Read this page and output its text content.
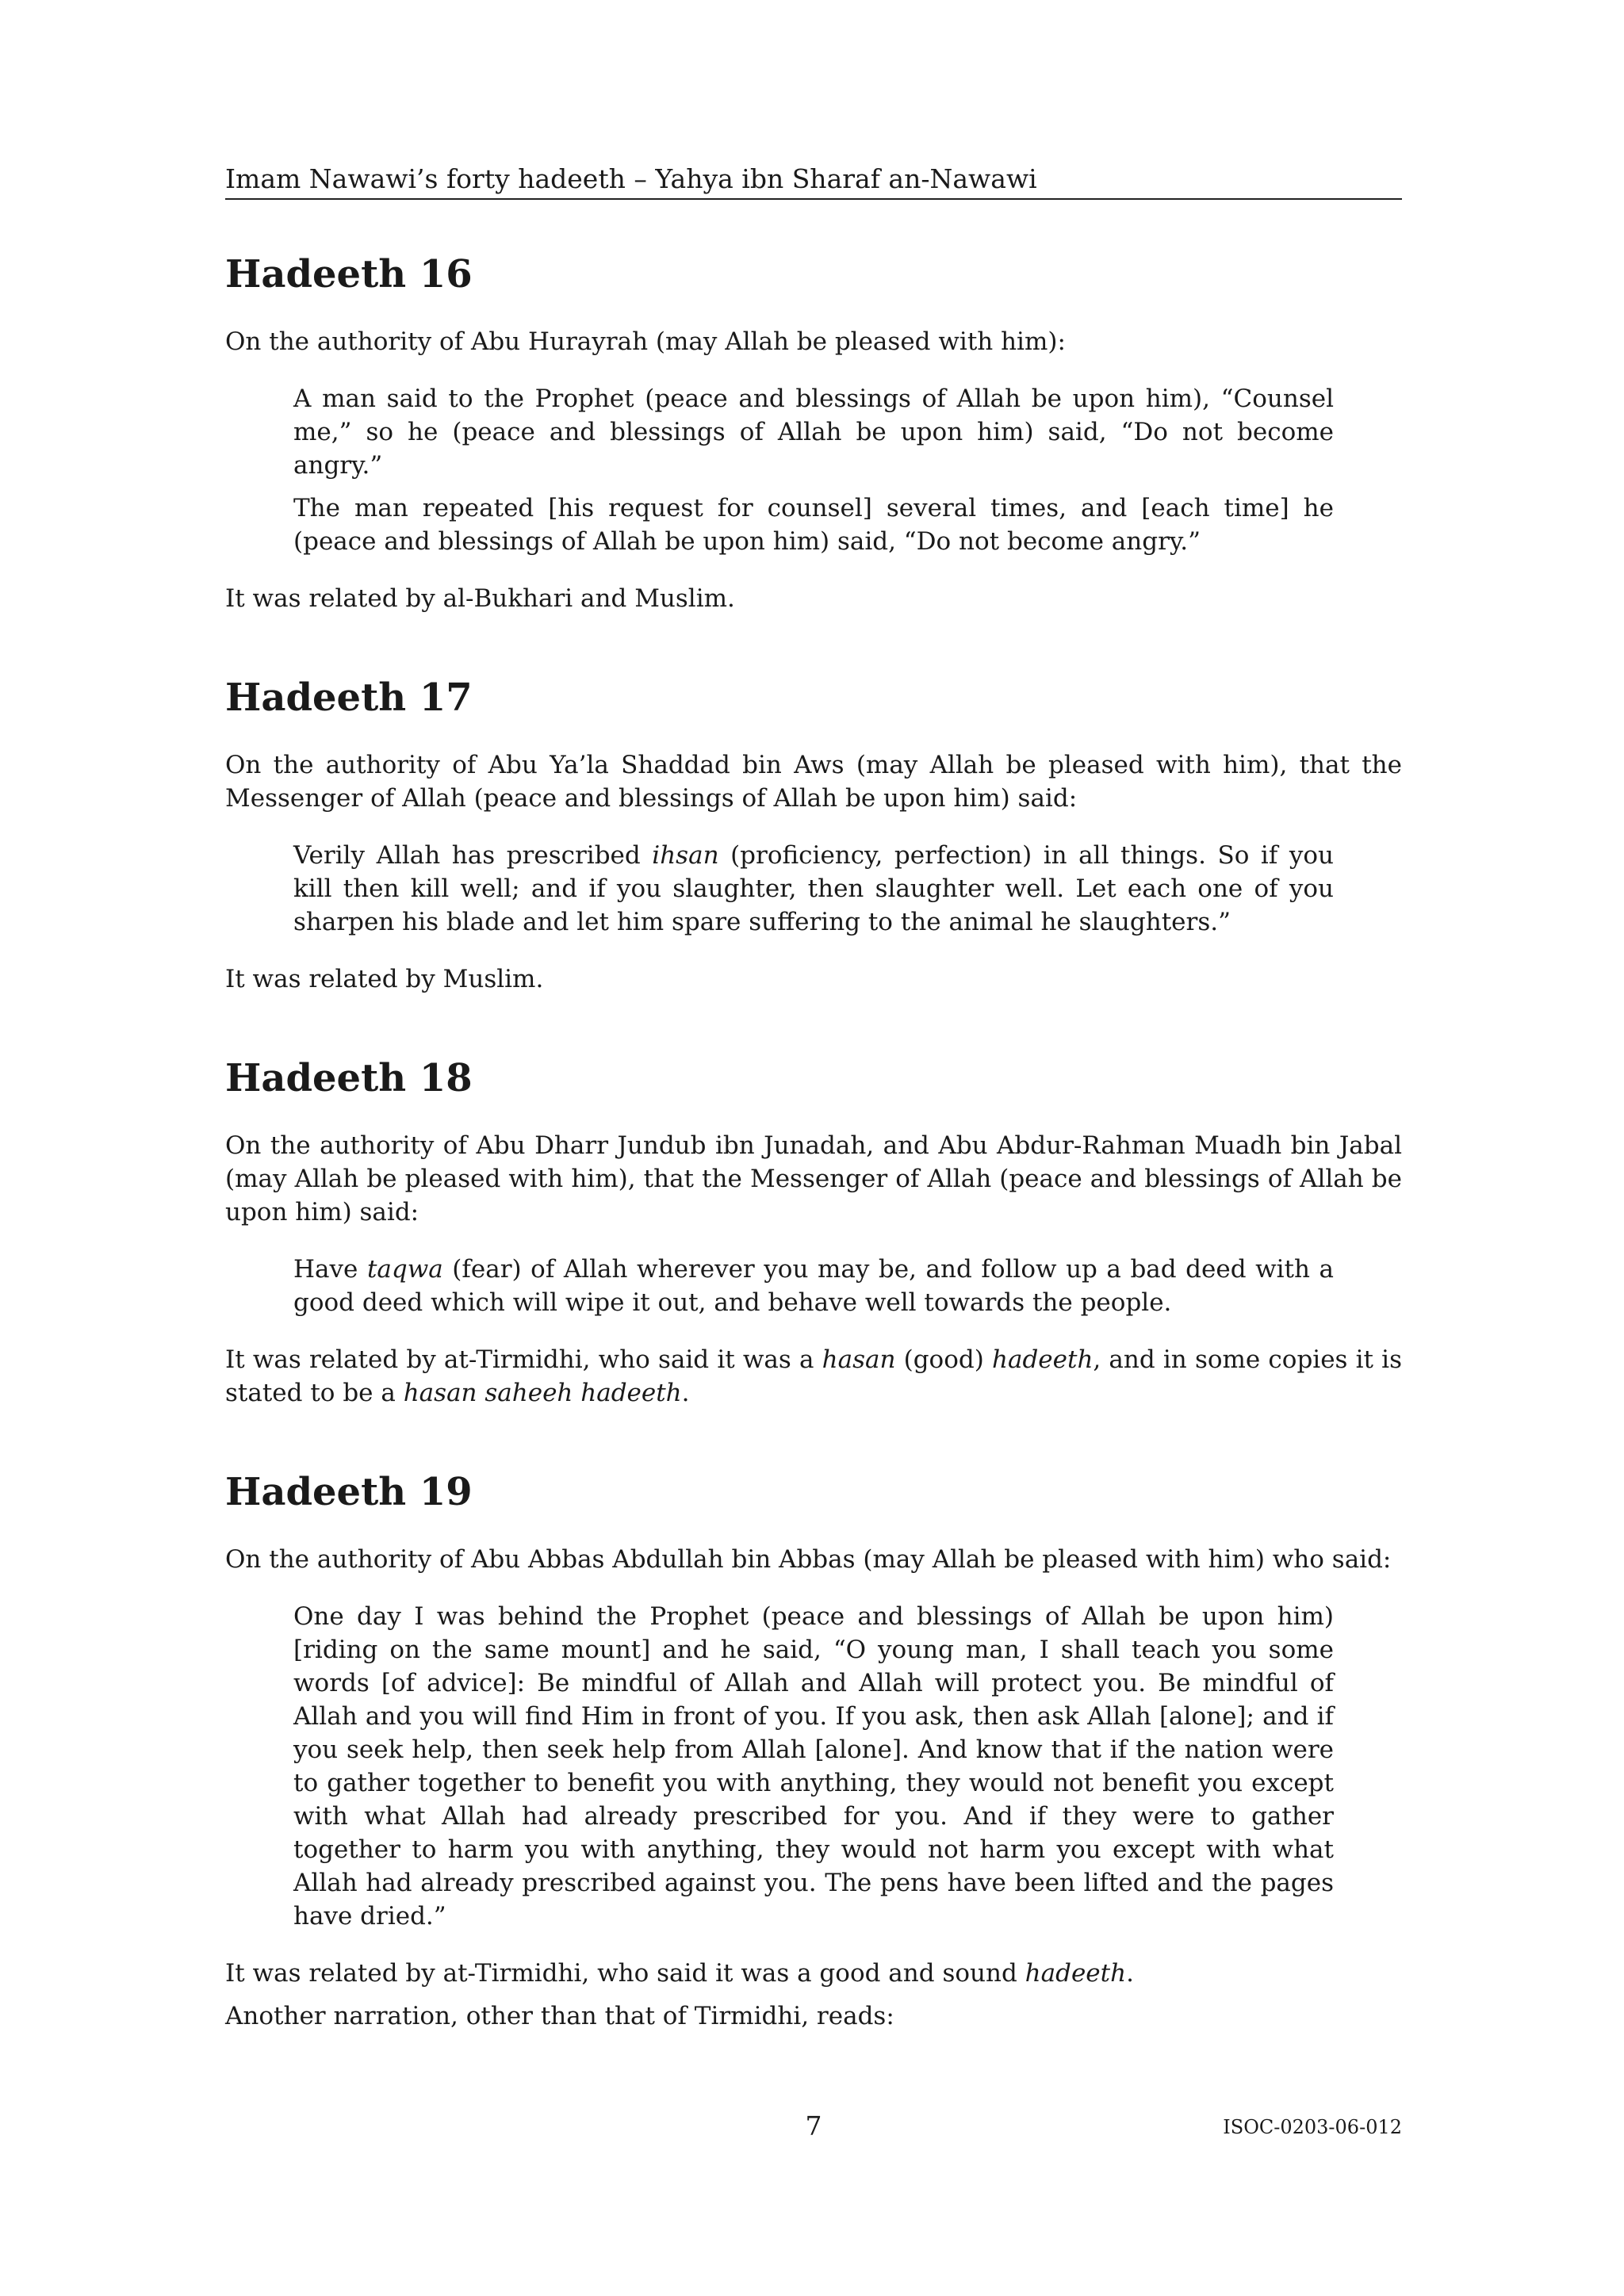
Imam Nawawi’s forty hadeeth – Yahya ibn Sharaf an-Nawawi
Hadeeth 16

On the authority of Abu Hurayrah (may Allah be pleased with him):

A man said to the Prophet (peace and blessings of Allah be upon him), “Counsel me,” so he (peace and blessings of Allah be upon him) said, “Do not become angry.”

The man repeated [his request for counsel] several times, and [each time] he (peace and blessings of Allah be upon him) said, “Do not become angry.”

It was related by al-Bukhari and Muslim.

Hadeeth 17

On the authority of Abu Ya’la Shaddad bin Aws (may Allah be pleased with him), that the Messenger of Allah (peace and blessings of Allah be upon him) said:

Verily Allah has prescribed ihsan (proficiency, perfection) in all things. So if you kill then kill well; and if you slaughter, then slaughter well. Let each one of you sharpen his blade and let him spare suffering to the animal he slaughters.”

It was related by Muslim.

Hadeeth 18

On the authority of Abu Dharr Jundub ibn Junadah, and Abu Abdur-Rahman Muadh bin Jabal (may Allah be pleased with him), that the Messenger of Allah (peace and blessings of Allah be upon him) said:

Have taqwa (fear) of Allah wherever you may be, and follow up a bad deed with a good deed which will wipe it out, and behave well towards the people.

It was related by at-Tirmidhi, who said it was a hasan (good) hadeeth, and in some copies it is stated to be a hasan saheeh hadeeth.

Hadeeth 19

On the authority of Abu Abbas Abdullah bin Abbas (may Allah be pleased with him) who said:

One day I was behind the Prophet (peace and blessings of Allah be upon him) [riding on the same mount] and he said, “O young man, I shall teach you some words [of advice]: Be mindful of Allah and Allah will protect you. Be mindful of Allah and you will find Him in front of you. If you ask, then ask Allah [alone]; and if you seek help, then seek help from Allah [alone]. And know that if the nation were to gather together to benefit you with anything, they would not benefit you except with what Allah had already prescribed for you. And if they were to gather together to harm you with anything, they would not harm you except with what Allah had already prescribed against you. The pens have been lifted and the pages have dried.”

It was related by at-Tirmidhi, who said it was a good and sound hadeeth.

Another narration, other than that of Tirmidhi, reads:

7	ISOC-0203-06-012
